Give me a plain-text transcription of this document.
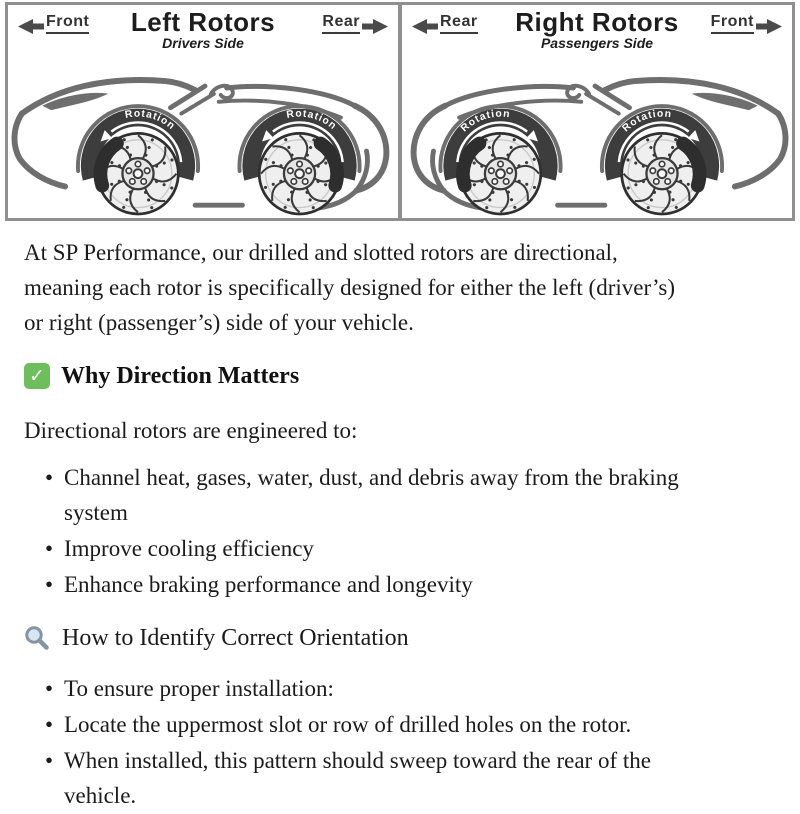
Front	Left Rotors
Drivers Side
Rear
Rotation
Rotation
Rear	Right Rotors
Passengers Side
Front
Rotation
Rotation

At SP Performance, our drilled and slotted rotors are directional, meaning each rotor is specifically designed for either the left (driver’s) or right (passenger’s) side of your vehicle.

✓ Why Direction Matters

Directional rotors are engineered to:

• Channel heat, gases, water, dust, and debris away from the braking system
• Improve cooling efficiency
• Enhance braking performance and longevity
How to Identify Correct Orientation
• To ensure proper installation:
• Locate the uppermost slot or row of drilled holes on the rotor.
• When installed, this pattern should sweep toward the rear of the vehicle.
